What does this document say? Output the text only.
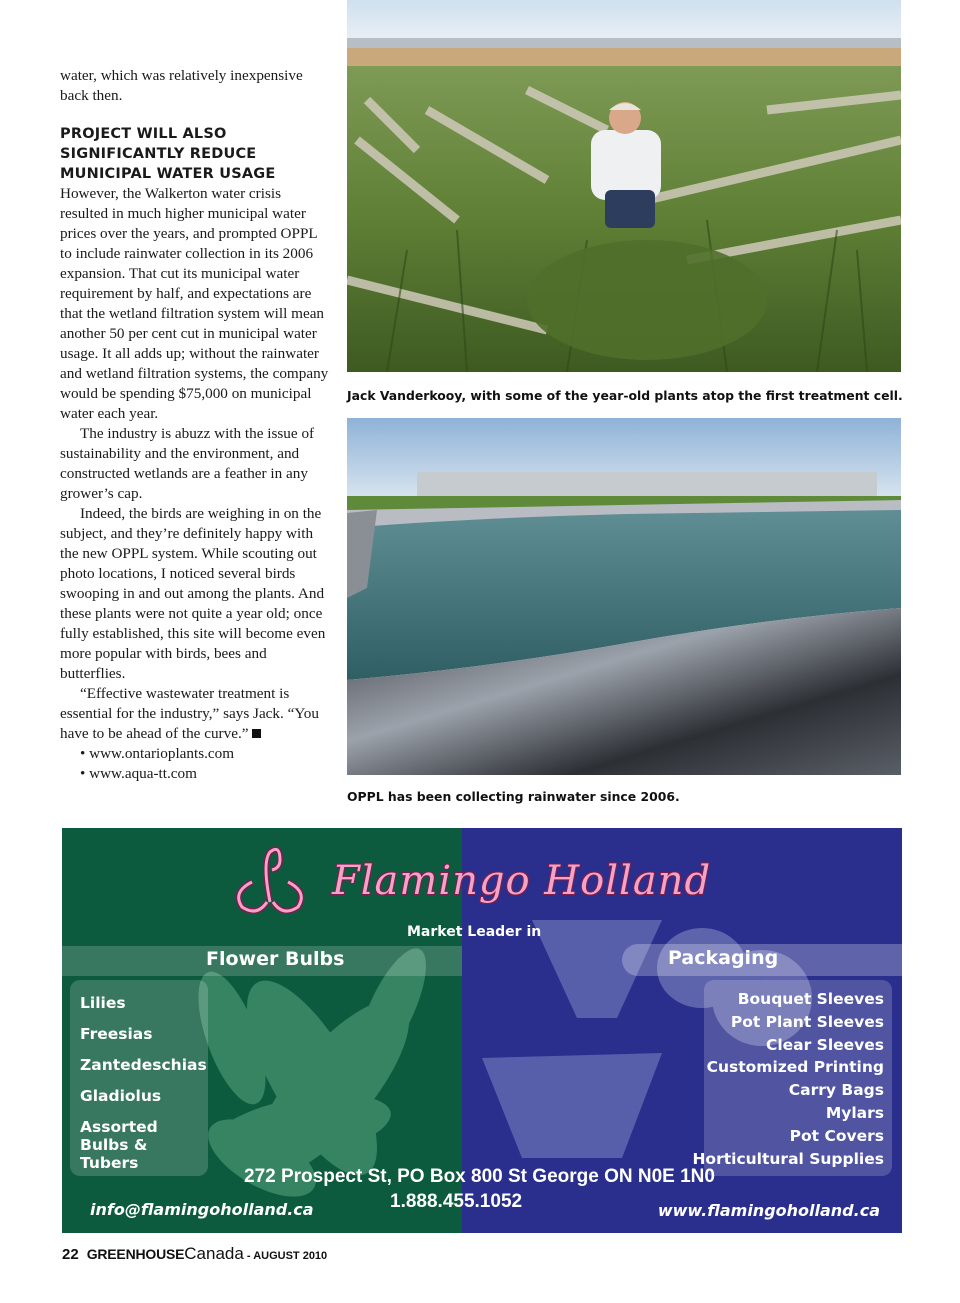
water, which was relatively inexpensive back then.

PROJECT WILL ALSO SIGNIFICANTLY REDUCE MUNICIPAL WATER USAGE

However, the Walkerton water crisis resulted in much higher municipal water prices over the years, and prompted OPPL to include rainwater collection in its 2006 expansion. That cut its municipal water requirement by half, and expectations are that the wetland filtration system will mean another 50 per cent cut in municipal water usage. It all adds up; without the rainwater and wetland filtration systems, the company would be spending $75,000 on municipal water each year.

The industry is abuzz with the issue of sustainability and the environment, and constructed wetlands are a feather in any grower’s cap.

Indeed, the birds are weighing in on the subject, and they’re definitely happy with the new OPPL system. While scouting out photo locations, I noticed several birds swooping in and out among the plants. And these plants were not quite a year old; once fully established, this site will become even more popular with birds, bees and butterflies.

“Effective wastewater treatment is essential for the industry,” says Jack. “You have to be ahead of the curve.”

• www.ontarioplants.com
• www.aqua-tt.com
Jack Vanderkooy, with some of the year-old plants atop the first treatment cell.
OPPL has been collecting rainwater since 2006.
Flamingo Holland
Market Leader in
Flower Bulbs	Packaging
Lilies
Freesias
Zantedeschias
Gladiolus
Assorted Bulbs & Tubers
Bouquet Sleeves
Pot Plant Sleeves
Clear Sleeves
Customized Printing
Carry Bags
Mylars
Pot Covers
Horticultural Supplies
272 Prospect St, PO Box 800 St George ON N0E 1N0
1.888.455.1052
info@flamingoholland.ca	www.flamingoholland.ca
22 GREENHOUSECanada - AUGUST 2010
